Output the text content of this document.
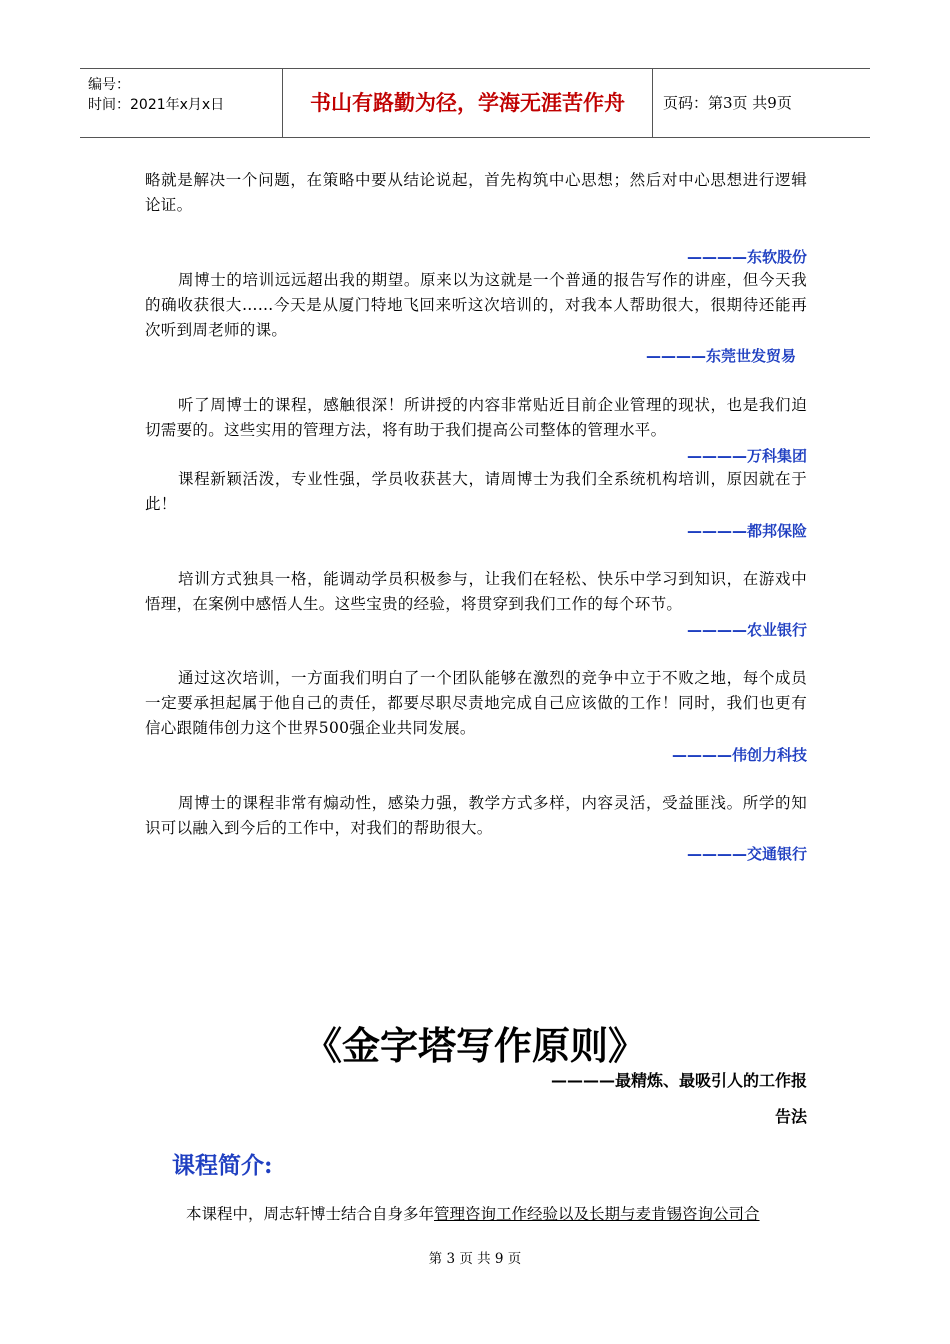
编号：
时间：2021年x月x日	书山有路勤为径，学海无涯苦作舟	页码：第3页 共9页
略就是解决一个问题，在策略中要从结论说起，首先构筑中心思想；然后对中心思想进行逻辑论证。
————东软股份
周博士的培训远远超出我的期望。原来以为这就是一个普通的报告写作的讲座，但今天我的确收获很大……今天是从厦门特地飞回来听这次培训的，对我本人帮助很大，很期待还能再次听到周老师的课。
————东莞世发贸易
听了周博士的课程，感触很深！所讲授的内容非常贴近目前企业管理的现状，也是我们迫切需要的。这些实用的管理方法，将有助于我们提高公司整体的管理水平。
————万科集团
课程新颖活泼，专业性强，学员收获甚大，请周博士为我们全系统机构培训，原因就在于此！
————都邦保险
培训方式独具一格，能调动学员积极参与，让我们在轻松、快乐中学习到知识，在游戏中悟理，在案例中感悟人生。这些宝贵的经验，将贯穿到我们工作的每个环节。
————农业银行
通过这次培训，一方面我们明白了一个团队能够在激烈的竞争中立于不败之地，每个成员一定要承担起属于他自己的责任，都要尽职尽责地完成自己应该做的工作！同时，我们也更有信心跟随伟创力这个世界500强企业共同发展。
————伟创力科技
周博士的课程非常有煽动性，感染力强，教学方式多样，内容灵活，受益匪浅。所学的知识可以融入到今后的工作中，对我们的帮助很大。
————交通银行
《金字塔写作原则》
————最精炼、最吸引人的工作报
告法
课程简介:
本课程中，周志轩博士结合自身多年管理咨询工作经验以及长期与麦肯锡咨询公司合
第 3 页 共 9 页
